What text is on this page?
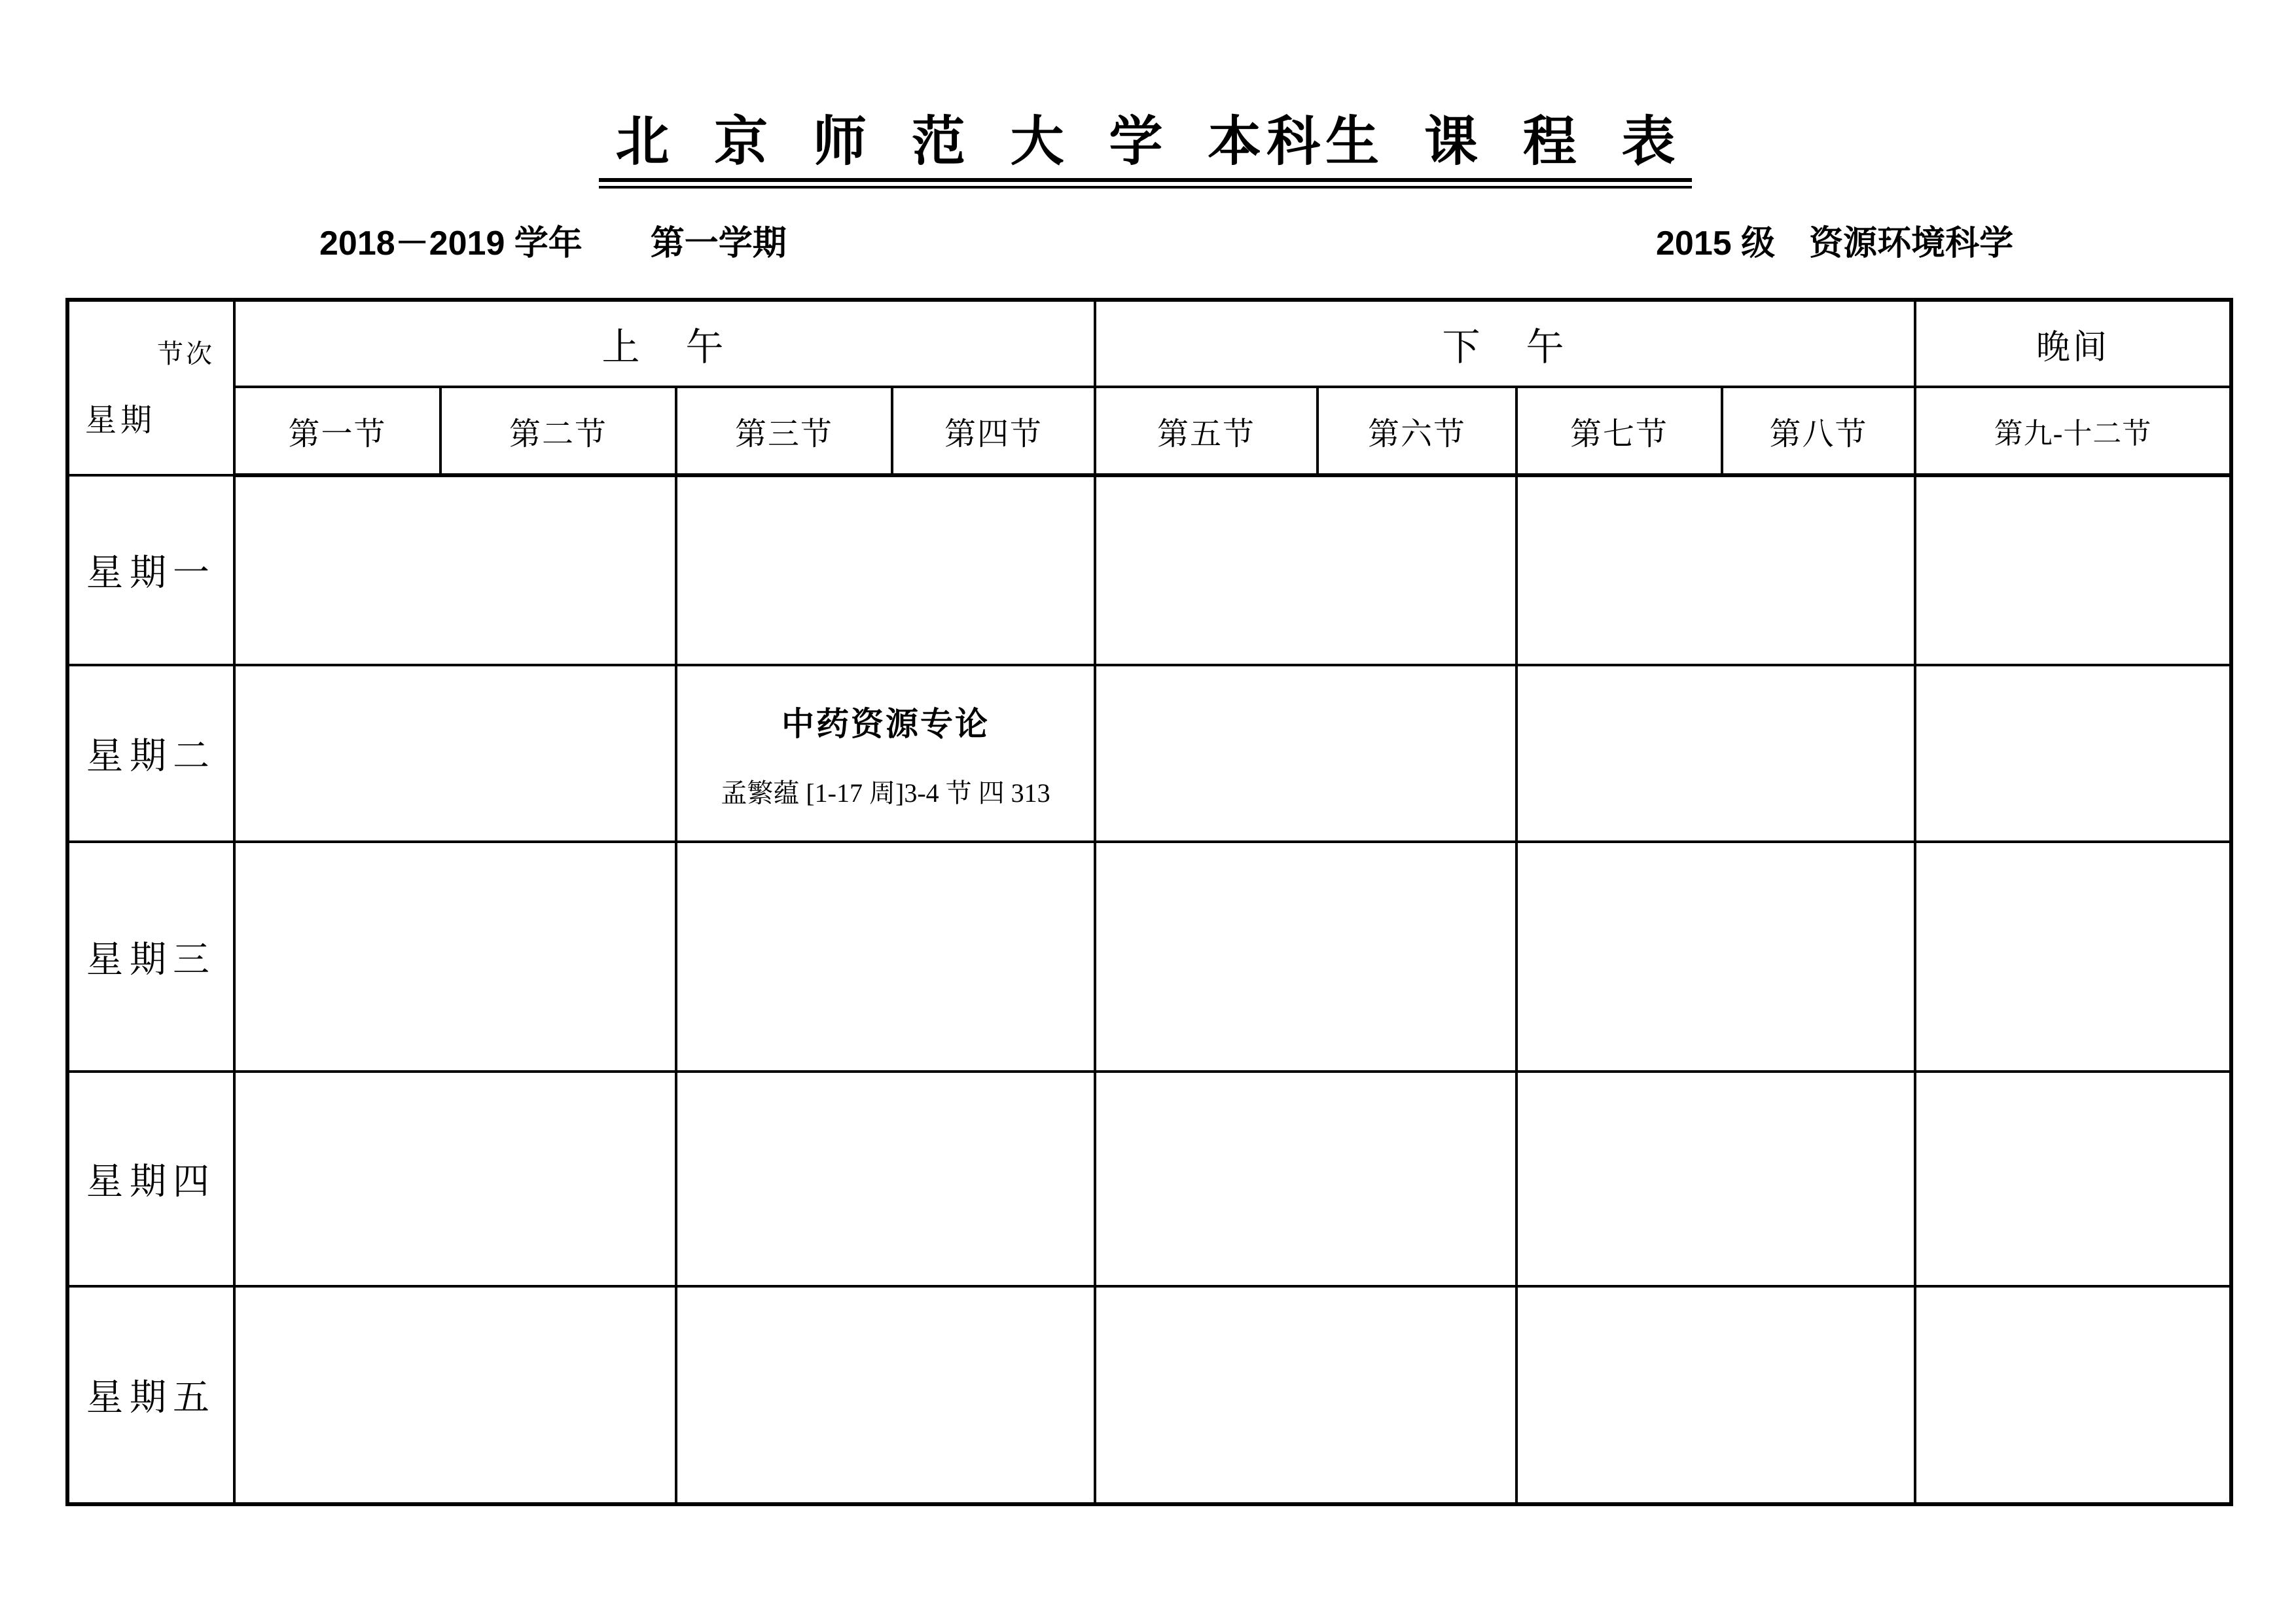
北 京 师 范 大 学 本科生 课 程 表
2018－2019 学年　　第一学期	2015 级　资源环境科学
节次
星期	上　午				下　午				晚间
	第一节	第二节	第三节	第四节	第五节	第六节	第七节	第八节	第九-十二节
星期一									
星期二			中药资源专论
孟繁蕴 [1-17 周]3-4 节 四 313						

星期三									
星期四									
星期五									
